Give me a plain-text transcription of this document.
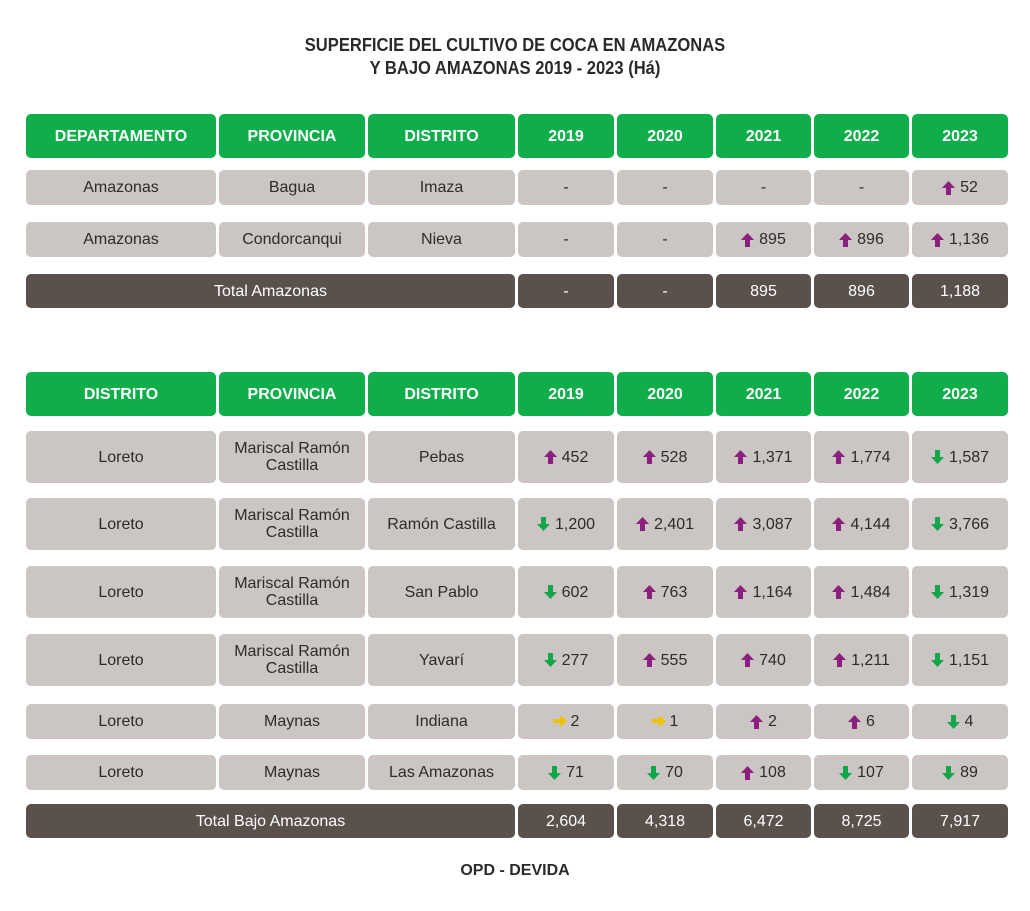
SUPERFICIE DEL CULTIVO DE COCA EN AMAZONAS
Y BAJO AMAZONAS 2019 - 2023 (Há)
DEPARTAMENTO	PROVINCIA	DISTRITO	2019	2020	2021	2022	2023
Amazonas	Bagua	Imaza	-	-	-	-	52
Amazonas	Condorcanqui	Nieva	-	-	895	896	1,136
Total Amazonas	-	-	895	896	1,188
DISTRITO	PROVINCIA	DISTRITO	2019	2020	2021	2022	2023
Loreto	Mariscal Ramón Castilla	Pebas	452	528	1,371	1,774	1,587
Loreto	Mariscal Ramón Castilla	Ramón Castilla	1,200	2,401	3,087	4,144	3,766
Loreto	Mariscal Ramón Castilla	San Pablo	602	763	1,164	1,484	1,319
Loreto	Mariscal Ramón Castilla	Yavarí	277	555	740	1,211	1,151
Loreto	Maynas	Indiana	2	1	2	6	4
Loreto	Maynas	Las Amazonas	71	70	108	107	89
Total Bajo Amazonas	2,604	4,318	6,472	8,725	7,917
OPD - DEVIDA
